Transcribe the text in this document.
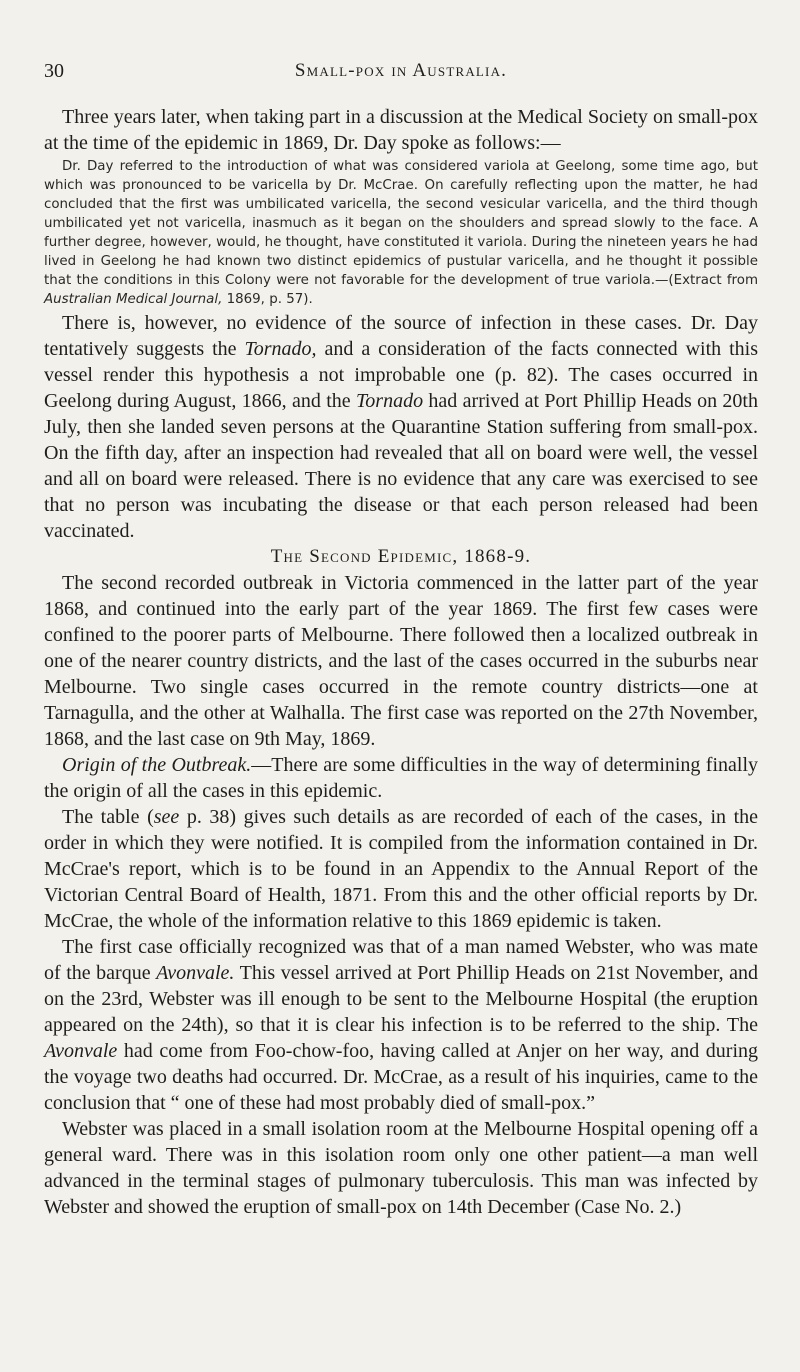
30	Small-pox in Australia.

Three years later, when taking part in a discussion at the Medical Society on small-pox at the time of the epidemic in 1869, Dr. Day spoke as follows:—

Dr. Day referred to the introduction of what was considered variola at Geelong, some time ago, but which was pronounced to be varicella by Dr. McCrae. On carefully reflecting upon the matter, he had concluded that the first was umbilicated varicella, the second vesicular varicella, and the third though umbilicated yet not varicella, inasmuch as it began on the shoulders and spread slowly to the face. A further degree, however, would, he thought, have constituted it variola. During the nineteen years he had lived in Geelong he had known two distinct epidemics of pustular varicella, and he thought it possible that the conditions in this Colony were not favorable for the development of true variola.—(Extract from Australian Medical Journal, 1869, p. 57).

There is, however, no evidence of the source of infection in these cases. Dr. Day tentatively suggests the Tornado, and a consideration of the facts connected with this vessel render this hypothesis a not improbable one (p. 82). The cases occurred in Geelong during August, 1866, and the Tornado had arrived at Port Phillip Heads on 20th July, then she landed seven persons at the Quarantine Station suffering from small-pox. On the fifth day, after an inspection had revealed that all on board were well, the vessel and all on board were released. There is no evidence that any care was exercised to see that no person was incubating the disease or that each person released had been vaccinated.

The Second Epidemic, 1868-9.

The second recorded outbreak in Victoria commenced in the latter part of the year 1868, and continued into the early part of the year 1869. The first few cases were confined to the poorer parts of Melbourne. There followed then a localized outbreak in one of the nearer country districts, and the last of the cases occurred in the suburbs near Melbourne. Two single cases occurred in the remote country districts—one at Tarnagulla, and the other at Walhalla. The first case was reported on the 27th November, 1868, and the last case on 9th May, 1869.

Origin of the Outbreak.—There are some difficulties in the way of determining finally the origin of all the cases in this epidemic.

The table (see p. 38) gives such details as are recorded of each of the cases, in the order in which they were notified. It is compiled from the information contained in Dr. McCrae's report, which is to be found in an Appendix to the Annual Report of the Victorian Central Board of Health, 1871. From this and the other official reports by Dr. McCrae, the whole of the information relative to this 1869 epidemic is taken.

The first case officially recognized was that of a man named Webster, who was mate of the barque Avonvale. This vessel arrived at Port Phillip Heads on 21st November, and on the 23rd, Webster was ill enough to be sent to the Melbourne Hospital (the eruption appeared on the 24th), so that it is clear his infection is to be referred to the ship. The Avonvale had come from Foo-chow-foo, having called at Anjer on her way, and during the voyage two deaths had occurred. Dr. McCrae, as a result of his inquiries, came to the conclusion that “ one of these had most probably died of small-pox.”

Webster was placed in a small isolation room at the Melbourne Hospital opening off a general ward. There was in this isolation room only one other patient—a man well advanced in the terminal stages of pulmonary tuberculosis. This man was infected by Webster and showed the eruption of small-pox on 14th December (Case No. 2.)
